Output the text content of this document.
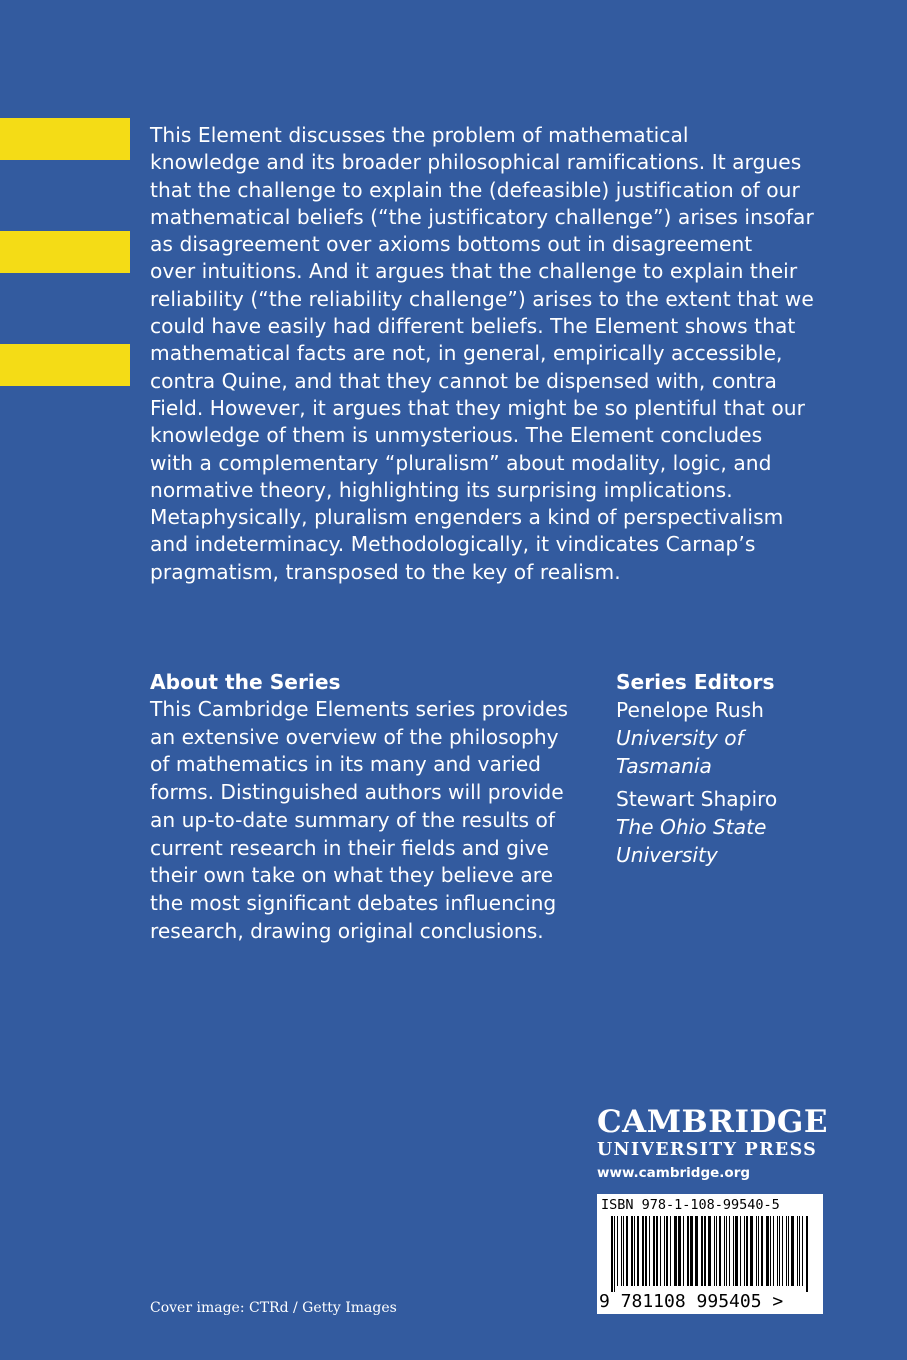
This Element discusses the problem of mathematical
knowledge and its broader philosophical ramifications. It argues
that the challenge to explain the (defeasible) justification of our
mathematical beliefs (“the justificatory challenge”) arises insofar
as disagreement over axioms bottoms out in disagreement
over intuitions. And it argues that the challenge to explain their
reliability (“the reliability challenge”) arises to the extent that we
could have easily had different beliefs. The Element shows that
mathematical facts are not, in general, empirically accessible,
contra Quine, and that they cannot be dispensed with, contra
Field. However, it argues that they might be so plentiful that our
knowledge of them is unmysterious. The Element concludes
with a complementary “pluralism” about modality, logic, and
normative theory, highlighting its surprising implications.
Metaphysically, pluralism engenders a kind of perspectivalism
and indeterminacy. Methodologically, it vindicates Carnap’s
pragmatism, transposed to the key of realism.

About the Series

This Cambridge Elements series provides
an extensive overview of the philosophy
of mathematics in its many and varied
forms. Distinguished authors will provide
an up-to-date summary of the results of
current research in their fields and give
their own take on what they believe are
the most significant debates influencing
research, drawing original conclusions.

Series Editors

Penelope Rush

University of
Tasmania

Stewart Shapiro

The Ohio State
University

CAMBRIDGE

UNIVERSITY PRESS

www.cambridge.org

ISBN 978-1-108-99540-5
9 781108 995405 >

Cover image: CTRd / Getty Images
